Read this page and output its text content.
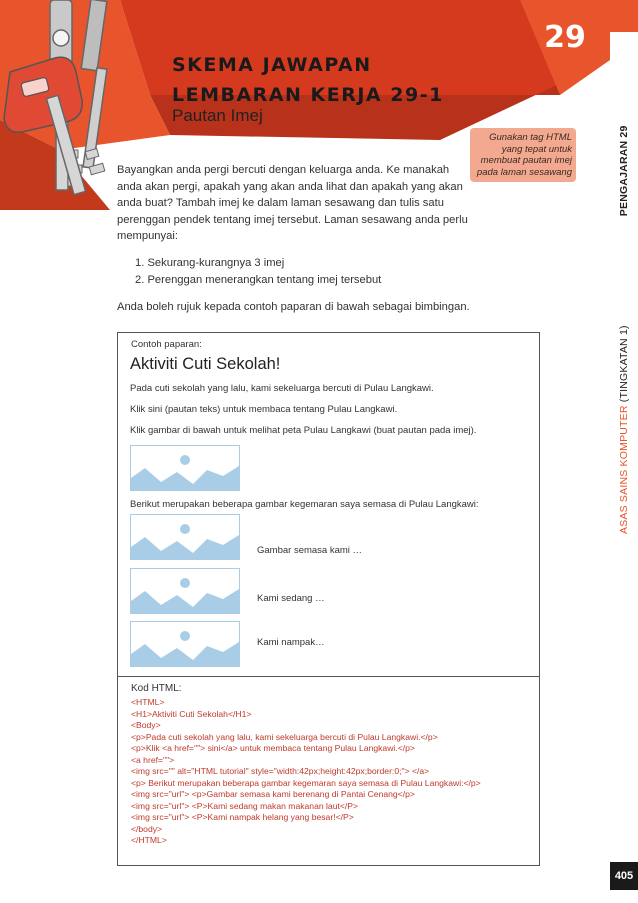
29
SKEMA JAWAPAN
LEMBARAN KERJA 29-1
Pautan Imej
Gunakan tag HTML yang tepat untuk membuat pautan imej pada laman sesawang
Bayangkan anda pergi bercuti dengan keluarga anda. Ke manakah anda akan pergi, apakah yang akan anda lihat dan apakah yang akan anda buat? Tambah imej ke dalam laman sesawang dan tulis satu perenggan pendek tentang imej tersebut. Laman sesawang anda perlu mempunyai:
1. Sekurang-kurangnya 3 imej
2. Perenggan menerangkan tentang imej tersebut
Anda boleh rujuk kepada contoh paparan di bawah sebagai bimbingan.
ASAS SAINS KOMPUTER (TINGKATAN 1)                                   PENGAJARAN 29
Contoh paparan:
Aktiviti Cuti Sekolah!
Pada cuti sekolah yang lalu, kami sekeluarga bercuti di Pulau Langkawi.
Klik sini (pautan teks) untuk membaca tentang Pulau Langkawi.
Klik gambar di bawah untuk melihat peta Pulau Langkawi (buat pautan pada imej).
Berikut merupakan beberapa gambar kegemaran saya semasa di Pulau Langkawi:
Gambar semasa kami …
Kami sedang …
Kami nampak…
Kod HTML:
<HTML>
<H1>Aktiviti Cuti Sekolah</H1>
<Body>
<p>Pada cuti sekolah yang lalu, kami sekeluarga bercuti di Pulau Langkawi.</p>
<p>Klik <a href=""> sini</a> untuk membaca tentang Pulau Langkawi.</p>
<a href="">
<img src="" alt="HTML tutorial" style="width:42px;height:42px;border:0;"> </a>
<p> Berikut merupakan beberapa gambar kegemaran saya semasa di Pulau Langkawi:</p>
<img src="url"> <p>Gambar semasa kami berenang di Pantai Cenang</p>
<img src="url"> <P>Kami sedang makan makanan laut</P>
<img src="url"> <P>Kami nampak helang yang besar!</P>
</body>
</HTML>
405
